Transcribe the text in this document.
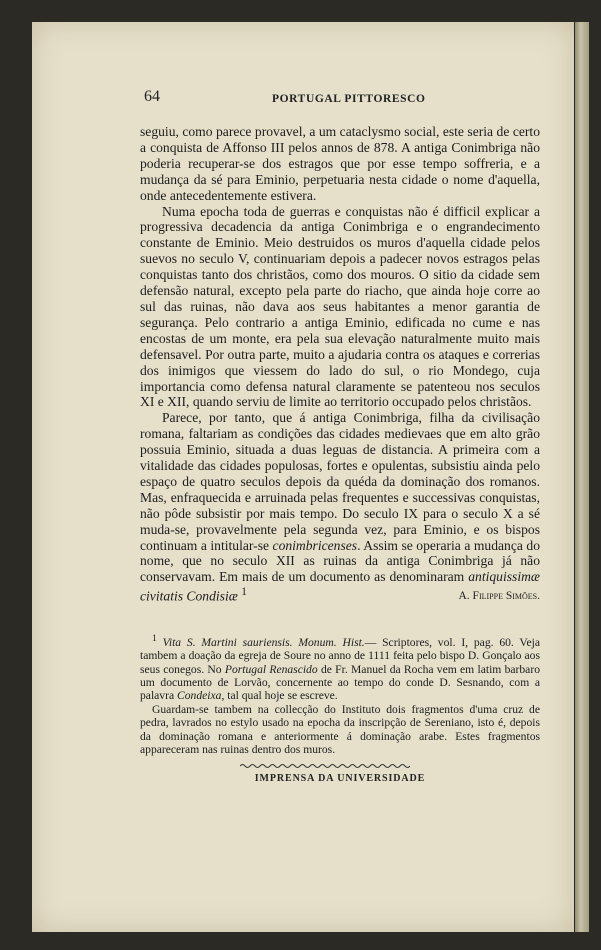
64	PORTUGAL PITTORESCO

seguiu, como parece provavel, a um cataclysmo social, este seria de certo a conquista de Affonso III pelos annos de 878. A antiga Conimbriga não poderia recuperar-se dos estragos que por esse tempo soffreria, e a mudança da sé para Eminio, perpetuaria nesta cidade o nome d'aquella, onde antecedentemente estivera.

Numa epocha toda de guerras e conquistas não é difficil explicar a progressiva decadencia da antiga Conimbriga e o engrandecimento constante de Eminio. Meio destruidos os muros d'aquella cidade pelos suevos no seculo V, continuariam depois a padecer novos estragos pelas conquistas tanto dos christãos, como dos mouros. O sitio da cidade sem defensão natural, excepto pela parte do riacho, que ainda hoje corre ao sul das ruinas, não dava aos seus habitantes a menor garantia de segurança. Pelo contrario a antiga Eminio, edificada no cume e nas encostas de um monte, era pela sua elevação naturalmente muito mais defensavel. Por outra parte, muito a ajudaria contra os ataques e correrias dos inimigos que viessem do lado do sul, o rio Mondego, cuja importancia como defensa natural claramente se patenteou nos seculos XI e XII, quando serviu de limite ao territorio occupado pelos christãos.

Parece, por tanto, que á antiga Conimbriga, filha da civilisação romana, faltariam as condições das cidades medievaes que em alto grão possuia Eminio, situada a duas leguas de distancia. A primeira com a vitalidade das cidades populosas, fortes e opulentas, subsistiu ainda pelo espaço de quatro seculos depois da quéda da dominação dos romanos. Mas, enfraquecida e arruinada pelas frequentes e successivas conquistas, não pôde subsistir por mais tempo. Do seculo IX para o seculo X a sé muda-se, provavelmente pela segunda vez, para Eminio, e os bispos continuam a intitular-se conimbricenses. Assim se operaria a mudança do nome, que no seculo XII as ruinas da antiga Conimbriga já não conservavam. Em mais de um documento as denominaram antiquissimæ civitatis Condisiæ $^1$	A. Filippe Simões.

$^1$ Vita S. Martini sauriensis. Monum. Hist.— Scriptores, vol. I, pag. 60. Veja tambem a doação da egreja de Soure no anno de 1111 feita pelo bispo D. Gonçalo aos seus conegos. No Portugal Renascido de Fr. Manuel da Rocha vem em latim barbaro um documento de Lorvão, concernente ao tempo do conde D. Sesnando, com a palavra Condeixa, tal qual hoje se escreve.

Guardam-se tambem na collecção do Instituto dois fragmentos d'uma cruz de pedra, lavrados no estylo usado na epocha da inscripção de Sereniano, isto é, depois da dominação romana e anteriormente á dominação arabe. Estes fragmentos appareceram nas ruinas dentro dos muros.

IMPRENSA DA UNIVERSIDADE
